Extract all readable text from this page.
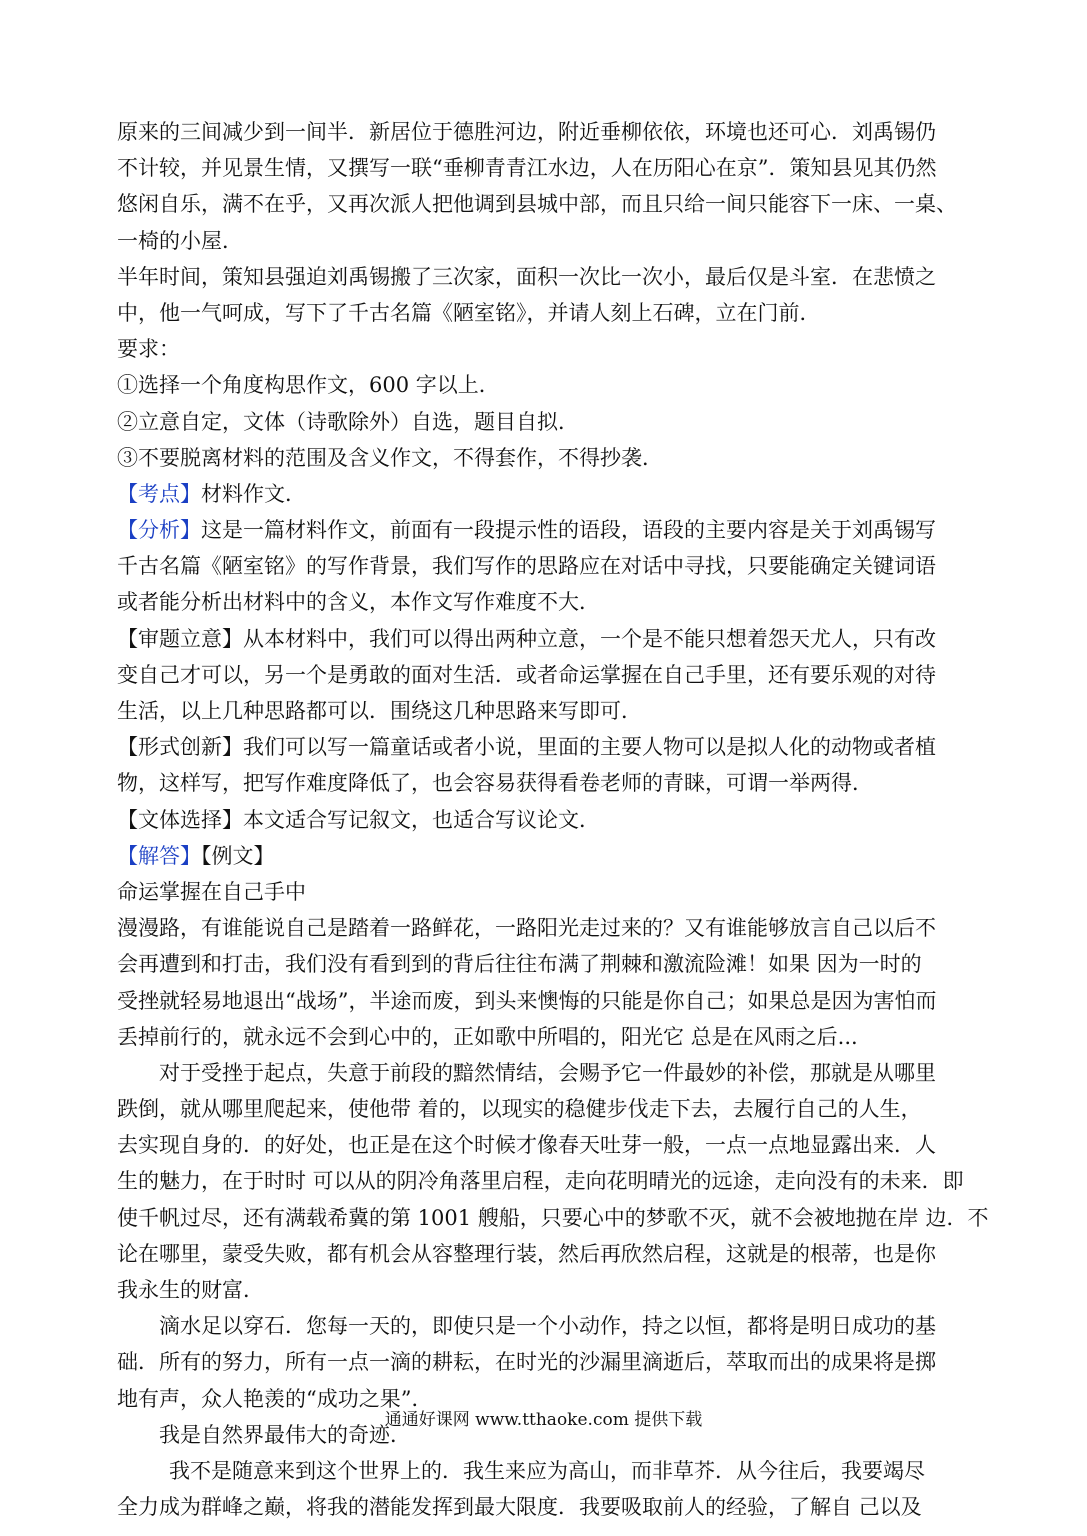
原来的三间减少到一间半．新居位于德胜河边，附近垂柳依依，环境也还可心．刘禹锡仍
不计较，并见景生情，又撰写一联“垂柳青青江水边，人在历阳心在京”．策知县见其仍然
悠闲自乐，满不在乎，又再次派人把他调到县城中部，而且只给一间只能容下一床、一桌、
一椅的小屋．
半年时间，策知县强迫刘禹锡搬了三次家，面积一次比一次小，最后仅是斗室．在悲愤之
中，他一气呵成，写下了千古名篇《陋室铭》，并请人刻上石碑，立在门前．
要求：
①选择一个角度构思作文，600 字以上．
②立意自定，文体（诗歌除外）自选，题目自拟．
③不要脱离材料的范围及含义作文，不得套作，不得抄袭．
【考点】材料作文．
【分析】这是一篇材料作文，前面有一段提示性的语段，语段的主要内容是关于刘禹锡写
千古名篇《陋室铭》的写作背景，我们写作的思路应在对话中寻找，只要能确定关键词语
或者能分析出材料中的含义，本作文写作难度不大．
【审题立意】从本材料中，我们可以得出两种立意，一个是不能只想着怨天尤人，只有改
变自己才可以，另一个是勇敢的面对生活．或者命运掌握在自己手里，还有要乐观的对待
生活，以上几种思路都可以．围绕这几种思路来写即可．
【形式创新】我们可以写一篇童话或者小说，里面的主要人物可以是拟人化的动物或者植
物，这样写，把写作难度降低了，也会容易获得看卷老师的青睐，可谓一举两得．
【文体选择】本文适合写记叙文，也适合写议论文．
【解答】【例文】
命运掌握在自己手中
漫漫路，有谁能说自己是踏着一路鲜花，一路阳光走过来的？又有谁能够放言自己以后不
会再遭到和打击，我们没有看到到的背后往往布满了荆棘和激流险滩！如果 因为一时的
受挫就轻易地退出“战场”，半途而废，到头来懊悔的只能是你自己；如果总是因为害怕而
丢掉前行的，就永远不会到心中的，正如歌中所唱的，阳光它 总是在风雨之后...
对于受挫于起点，失意于前段的黯然情结，会赐予它一件最妙的补偿，那就是从哪里
跌倒，就从哪里爬起来，使他带 着的，以现实的稳健步伐走下去，去履行自己的人生，
去实现自身的．的好处，也正是在这个时候才像春天吐芽一般，一点一点地显露出来．人
生的魅力，在于时时 可以从的阴冷角落里启程，走向花明晴光的远途，走向没有的未来．即
使千帆过尽，还有满载希冀的第 1001 艘船，只要心中的梦歌不灭，就不会被地抛在岸 边．不
论在哪里，蒙受失败，都有机会从容整理行装，然后再欣然启程，这就是的根蒂，也是你
我永生的财富．
滴水足以穿石．您每一天的，即使只是一个小动作，持之以恒，都将是明日成功的基
础．所有的努力，所有一点一滴的耕耘，在时光的沙漏里滴逝后，萃取而出的成果将是掷
地有声，众人艳羡的“成功之果”．
我是自然界最伟大的奇迹．
我不是随意来到这个世界上的．我生来应为高山，而非草芥．从今往后，我要竭尽
全力成为群峰之巅，将我的潜能发挥到最大限度．我要吸取前人的经验，了解自 己以及
通通好课网 www.tthaoke.com 提供下载
